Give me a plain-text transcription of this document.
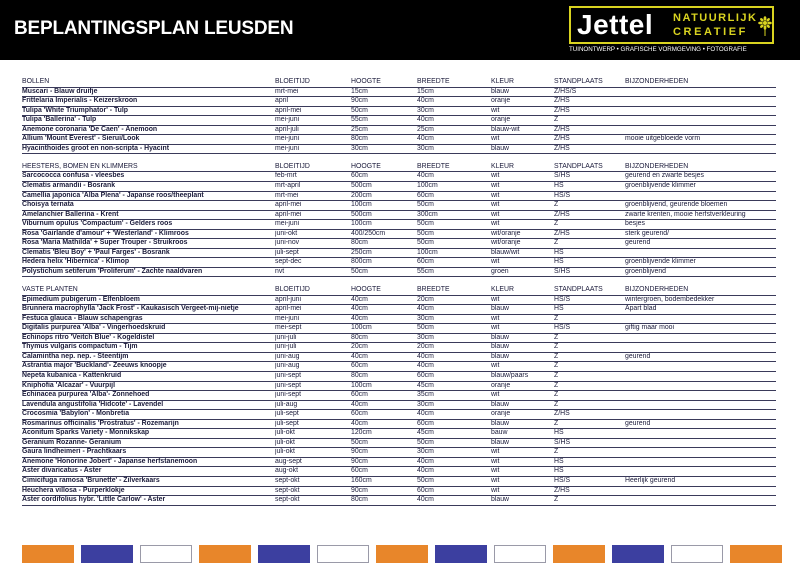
BEPLANTINGSPLAN LEUSDEN	Jettel NATUURLIJK
CREATIEF
TUINONTWERP • GRAFISCHE VORMGEVING • FOTOGRAFIE
BOLLEN	BLOEITIJD	HOOGTE	BREEDTE	KLEUR	STANDPLAATS	BIJZONDERHEDEN
Muscari - Blauw druifje	mrt-mei	15cm	15cm	blauw	Z/HS/S
Frittelaria Imperialis - Keizerskroon	april	90cm	40cm	oranje	Z/HS
Tulipa 'White Triumphator' - Tulp	april-mei	50cm	30cm	wit	Z/HS
Tulipa 'Ballerina' - Tulp	mei-juni	55cm	40cm	oranje	Z
Anemone coronaria 'De Caen' - Anemoon	april-juli	25cm	25cm	blauw-wit	Z/HS
Allium 'Mount Everest' - Sierui/Look	mei-juni	80cm	40cm	wit	Z/HS	mooie uitgebloeide vorm
Hyacinthoides groot en non-scripta - Hyacint	mei-juni	30cm	30cm	blauw	Z/HS
HEESTERS, BOMEN EN KLIMMERS	BLOEITIJD	HOOGTE	BREEDTE	KLEUR	STANDPLAATS	BIJZONDERHEDEN
Sarcococca confusa - vleesbes	feb-mrt	60cm	40cm	wit	S/HS	geurend en zwarte besjes
Clematis armandii - Bosrank	mrt-april	500cm	100cm	wit	HS	groenblijvende klimmer
Camellia japonica 'Alba Plena' - Japanse roos/theeplant	mrt-mei	200cm	60cm	wit	HS/S
Choisya ternata	april-mei	100cm	50cm	wit	Z	groenblijvend, geurende bloemen
Amelanchier Ballerina - Krent	april-mei	500cm	300cm	wit	Z/HS	zwarte krenten, mooie herfstverkleuring
Viburnum opulus 'Compactum' - Gelders roos	mei-juni	100cm	50cm	wit	Z	besjes
Rosa 'Gairlande d'amour' + 'Westerland' - Klimroos	juni-okt	400/250cm	50cm	wit/oranje	Z/HS	sterk geurend/
Rosa 'Maria Mathilda' + Super Trouper - Struikroos	juni-nov	80cm	50cm	wit/oranje	Z	geurend
Clematis 'Bleu Boy' + 'Paul Farges' - Bosrank	juli-sept	250cm	100cm	blauw/wit	HS
Hedera helix 'Hibernica' - Klimop	sept-dec	800cm	60cm	wit	HS	groenblijvende klimmer
Polystichum setiferum 'Proliferum' - Zachte naaldvaren	nvt	50cm	55cm	groen	S/HS	groenblijvend
VASTE PLANTEN	BLOEITIJD	HOOGTE	BREEDTE	KLEUR	STANDPLAATS	BIJZONDERHEDEN
Epimedium pubigerum - Elfenbloem	april-juni	40cm	20cm	wit	HS/S	wintergroen, bodembedekker
Brunnera macrophylla 'Jack Frost' - Kaukasisch Vergeet-mij-nietje	april-mei	40cm	40cm	blauw	HS	Apart blad
Festuca glauca - Blauw schapengras	mei-juni	40cm	30cm	wit	Z
Digitalis purpurea 'Alba' - Vingerhoedskruid	mei-sept	100cm	50cm	wit	HS/S	giftig maar mooi
Echinops ritro 'Veitch Blue' - Kogeldistel	juni-juli	80cm	30cm	blauw	Z
Thymus vulgaris compactum - Tijm	juni-juli	20cm	20cm	blauw	Z
Calamintha nep. nep. - Steentijm	juni-aug	40cm	40cm	blauw	Z	geurend
Astrantia major 'Buckland'- Zeeuws knoopje	juni-aug	60cm	40cm	wit	Z
Nepeta kubanica - Kattenkruid	juni-sept	80cm	60cm	blauw/paars	Z
Kniphofia 'Alcazar' - Vuurpijl	juni-sept	100cm	45cm	oranje	Z
Echinacea purpurea 'Alba'- Zonnehoed	juni-sept	60cm	35cm	wit	Z
Lavendula angustifolia 'Hidcote' - Lavendel	juli-aug	40cm	30cm	blauw	Z
Crocosmia 'Babylon' - Monbretia	juli-sept	60cm	40cm	oranje	Z/HS
Rosmarinus officinalis 'Prostratus' - Rozemarijn	juli-sept	40cm	60cm	blauw	Z	geurend
Aconitum Sparks Variety - Monnikskap	juli-okt	120cm	45cm	bauw	HS
Geranium Rozanne- Geranium	juli-okt	50cm	50cm	blauw	S/HS
Gaura lindheimeri - Prachtkaars	juli-okt	90cm	30cm	wit	Z
Anemone 'Honorine Jobert' - Japanse herfstanemoon	aug-sept	90cm	40cm	wit	HS
Aster divaricatus - Aster	aug-okt	60cm	40cm	wit	HS
Cimicifuga ramosa 'Brunette' - Zilverkaars	sept-okt	160cm	50cm	wit	HS/S	Heerlijk geurend
Heuchera villosa - Purperklokje	sept-okt	90cm	60cm	wit	Z/HS
Aster cordifolius hybr. 'Little Carlow' - Aster	sept-okt	80cm	40cm	blauw	Z
